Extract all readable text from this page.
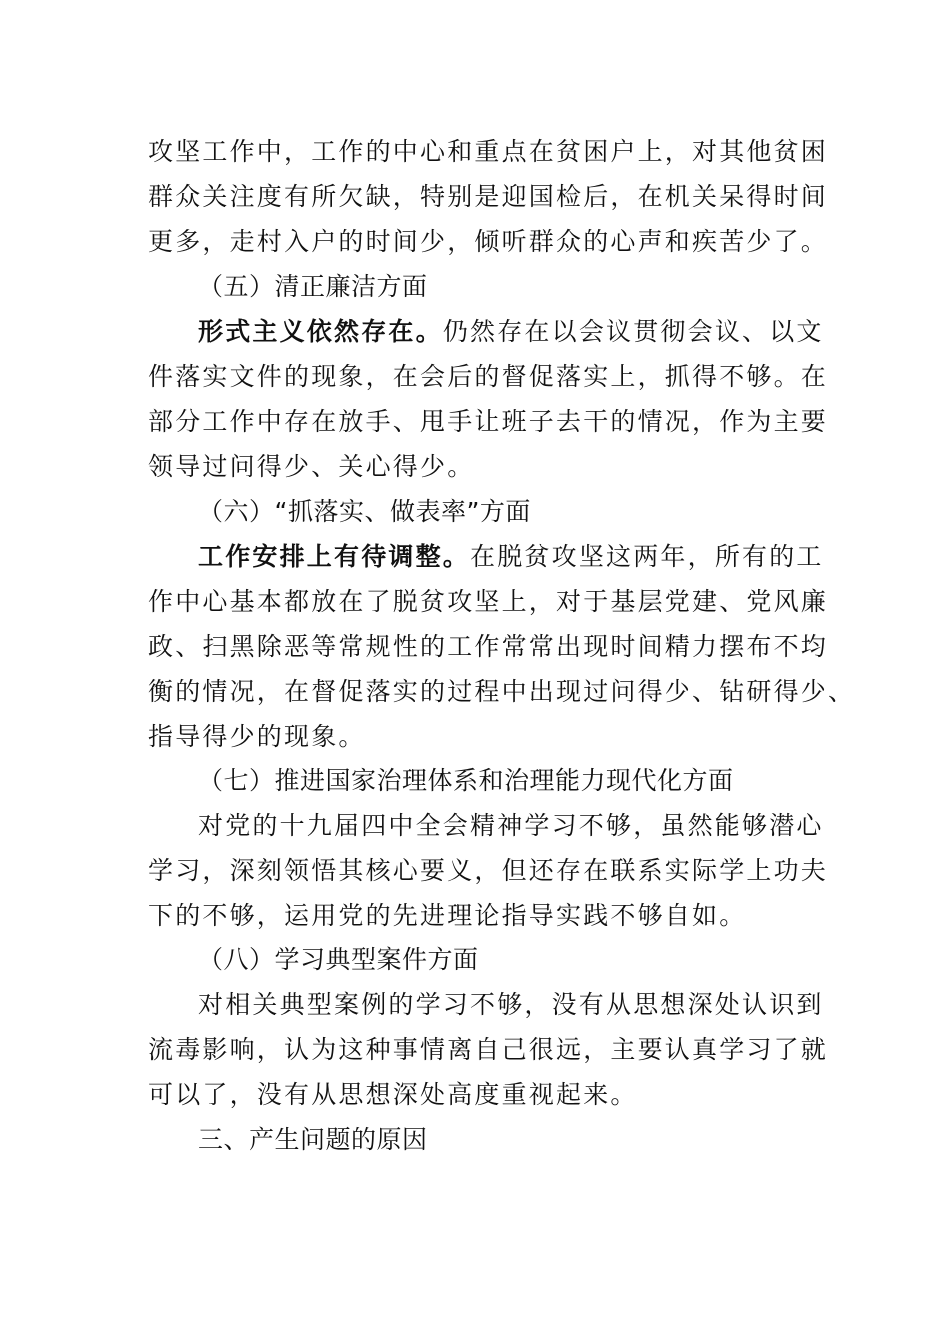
攻坚工作中，工作的中心和重点在贫困户上，对其他贫困
群众关注度有所欠缺，特别是迎国检后，在机关呆得时间
更多，走村入户的时间少，倾听群众的心声和疾苦少了。
（五）清正廉洁方面
形式主义依然存在。仍然存在以会议贯彻会议、以文
件落实文件的现象，在会后的督促落实上，抓得不够。在
部分工作中存在放手、甩手让班子去干的情况，作为主要
领导过问得少、关心得少。
（六）“抓落实、做表率”方面
工作安排上有待调整。在脱贫攻坚这两年，所有的工
作中心基本都放在了脱贫攻坚上，对于基层党建、党风廉
政、扫黑除恶等常规性的工作常常出现时间精力摆布不均
衡的情况，在督促落实的过程中出现过问得少、钻研得少、
指导得少的现象。
（七）推进国家治理体系和治理能力现代化方面
对党的十九届四中全会精神学习不够，虽然能够潜心
学习，深刻领悟其核心要义，但还存在联系实际学上功夫
下的不够，运用党的先进理论指导实践不够自如。
（八）学习典型案件方面
对相关典型案例的学习不够，没有从思想深处认识到
流毒影响，认为这种事情离自己很远，主要认真学习了就
可以了，没有从思想深处高度重视起来。
三、产生问题的原因
